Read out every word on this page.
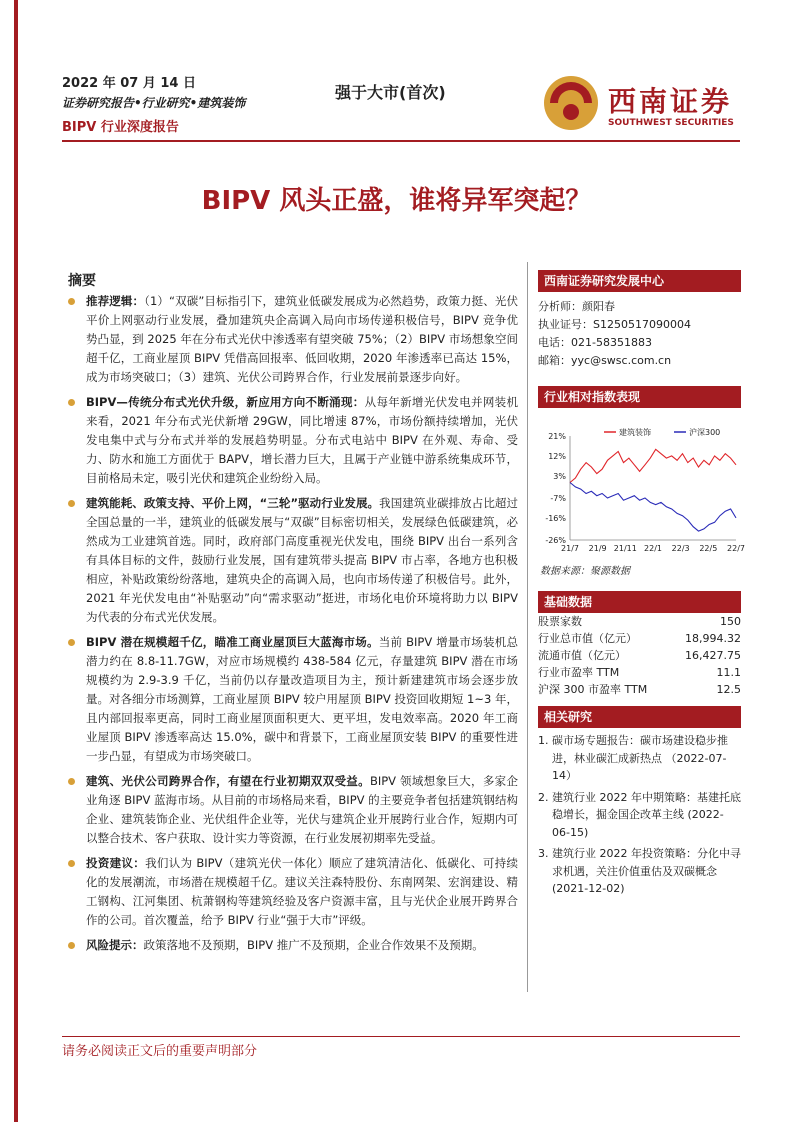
2022 年 07 月 14 日
证券研究报告•行业研究•建筑装饰
BIPV 行业深度报告
强于大市(首次)	西南证券
SOUTHWEST SECURITIES
BIPV 风头正盛，谁将异军突起？
摘要
推荐逻辑：（1）“双碳”目标指引下，建筑业低碳发展成为必然趋势，政策力挺、光伏平价上网驱动行业发展，叠加建筑央企高调入局向市场传递积极信号，BIPV 竞争优势凸显，到 2025 年在分布式光伏中渗透率有望突破 75%；（2）BIPV 市场想象空间超千亿，工商业屋顶 BIPV 凭借高回报率、低回收期，2020 年渗透率已高达 15%，成为市场突破口；（3）建筑、光伏公司跨界合作，行业发展前景逐步向好。
BIPV—传统分布式光伏升级，新应用方向不断涌现：从每年新增光伏发电并网装机来看，2021 年分布式光伏新增 29GW，同比增速 87%，市场份额持续增加，光伏发电集中式与分布式并举的发展趋势明显。分布式电站中 BIPV 在外观、寿命、受力、防水和施工方面优于 BAPV，增长潜力巨大，且属于产业链中游系统集成环节，目前格局未定，吸引光伏和建筑企业纷纷入局。
建筑能耗、政策支持、平价上网，“三轮”驱动行业发展。我国建筑业碳排放占比超过全国总量的一半，建筑业的低碳发展与“双碳”目标密切相关，发展绿色低碳建筑，必然成为工业建筑首选。同时，政府部门高度重视光伏发电，围绕 BIPV 出台一系列含有具体目标的文件，鼓励行业发展，国有建筑带头提高 BIPV 市占率，各地方也积极相应，补贴政策纷纷落地，建筑央企的高调入局，也向市场传递了积极信号。此外，2021 年光伏发电由“补贴驱动”向“需求驱动”挺进，市场化电价环境将助力以 BIPV 为代表的分布式光伏发展。
BIPV 潜在规模超千亿，瞄准工商业屋顶巨大蓝海市场。当前 BIPV 增量市场装机总潜力约在 8.8-11.7GW，对应市场规模约 438-584 亿元，存量建筑 BIPV 潜在市场规模约为 2.9-3.9 千亿，当前仍以存量改造项目为主，预计新建建筑市场会逐步放量。对各细分市场测算，工商业屋顶 BIPV 较户用屋顶 BIPV 投资回收期短 1~3 年，且内部回报率更高，同时工商业屋顶面积更大、更平坦，发电效率高。2020 年工商业屋顶 BIPV 渗透率高达 15.0%，碳中和背景下，工商业屋顶安装 BIPV 的重要性进一步凸显，有望成为市场突破口。
建筑、光伏公司跨界合作，有望在行业初期双双受益。BIPV 领域想象巨大，多家企业角逐 BIPV 蓝海市场。从目前的市场格局来看，BIPV 的主要竞争者包括建筑钢结构企业、建筑装饰企业、光伏组件企业等，光伏与建筑企业开展跨行业合作，短期内可以整合技术、客户获取、设计实力等资源，在行业发展初期率先受益。
投资建议：我们认为 BIPV（建筑光伏一体化）顺应了建筑清洁化、低碳化、可持续化的发展潮流，市场潜在规模超千亿。建议关注森特股份、东南网架、宏润建设、精工钢构、江河集团、杭萧钢构等建筑经验及客户资源丰富，且与光伏企业展开跨界合作的公司。首次覆盖，给予 BIPV 行业“强于大市”评级。
风险提示：政策落地不及预期，BIPV 推广不及预期，企业合作效果不及预期。
西南证券研究发展中心
分析师：颜阳春
执业证号：S1250517090004
电话：021-58351883
邮箱：yyc@swsc.com.cn
行业相对指数表现
建筑装饰	沪深300
21%
12%
3%
-7%
-16%
-26%
21/7 21/9 21/11 22/1 22/3 22/5 22/7
数据来源：聚源数据
基础数据
股票家数	150
行业总市值（亿元）	18,994.32
流通市值（亿元）	16,427.75
行业市盈率 TTM	11.1
沪深 300 市盈率 TTM	12.5
相关研究
1. 碳市场专题报告：碳市场建设稳步推进，林业碳汇成新热点 （2022-07-14）
2. 建筑行业 2022 年中期策略：基建托底稳增长，掘金国企改革主线 (2022-06-15)
3. 建筑行业 2022 年投资策略：分化中寻求机遇，关注价值重估及双碳概念 (2021-12-02)
请务必阅读正文后的重要声明部分
